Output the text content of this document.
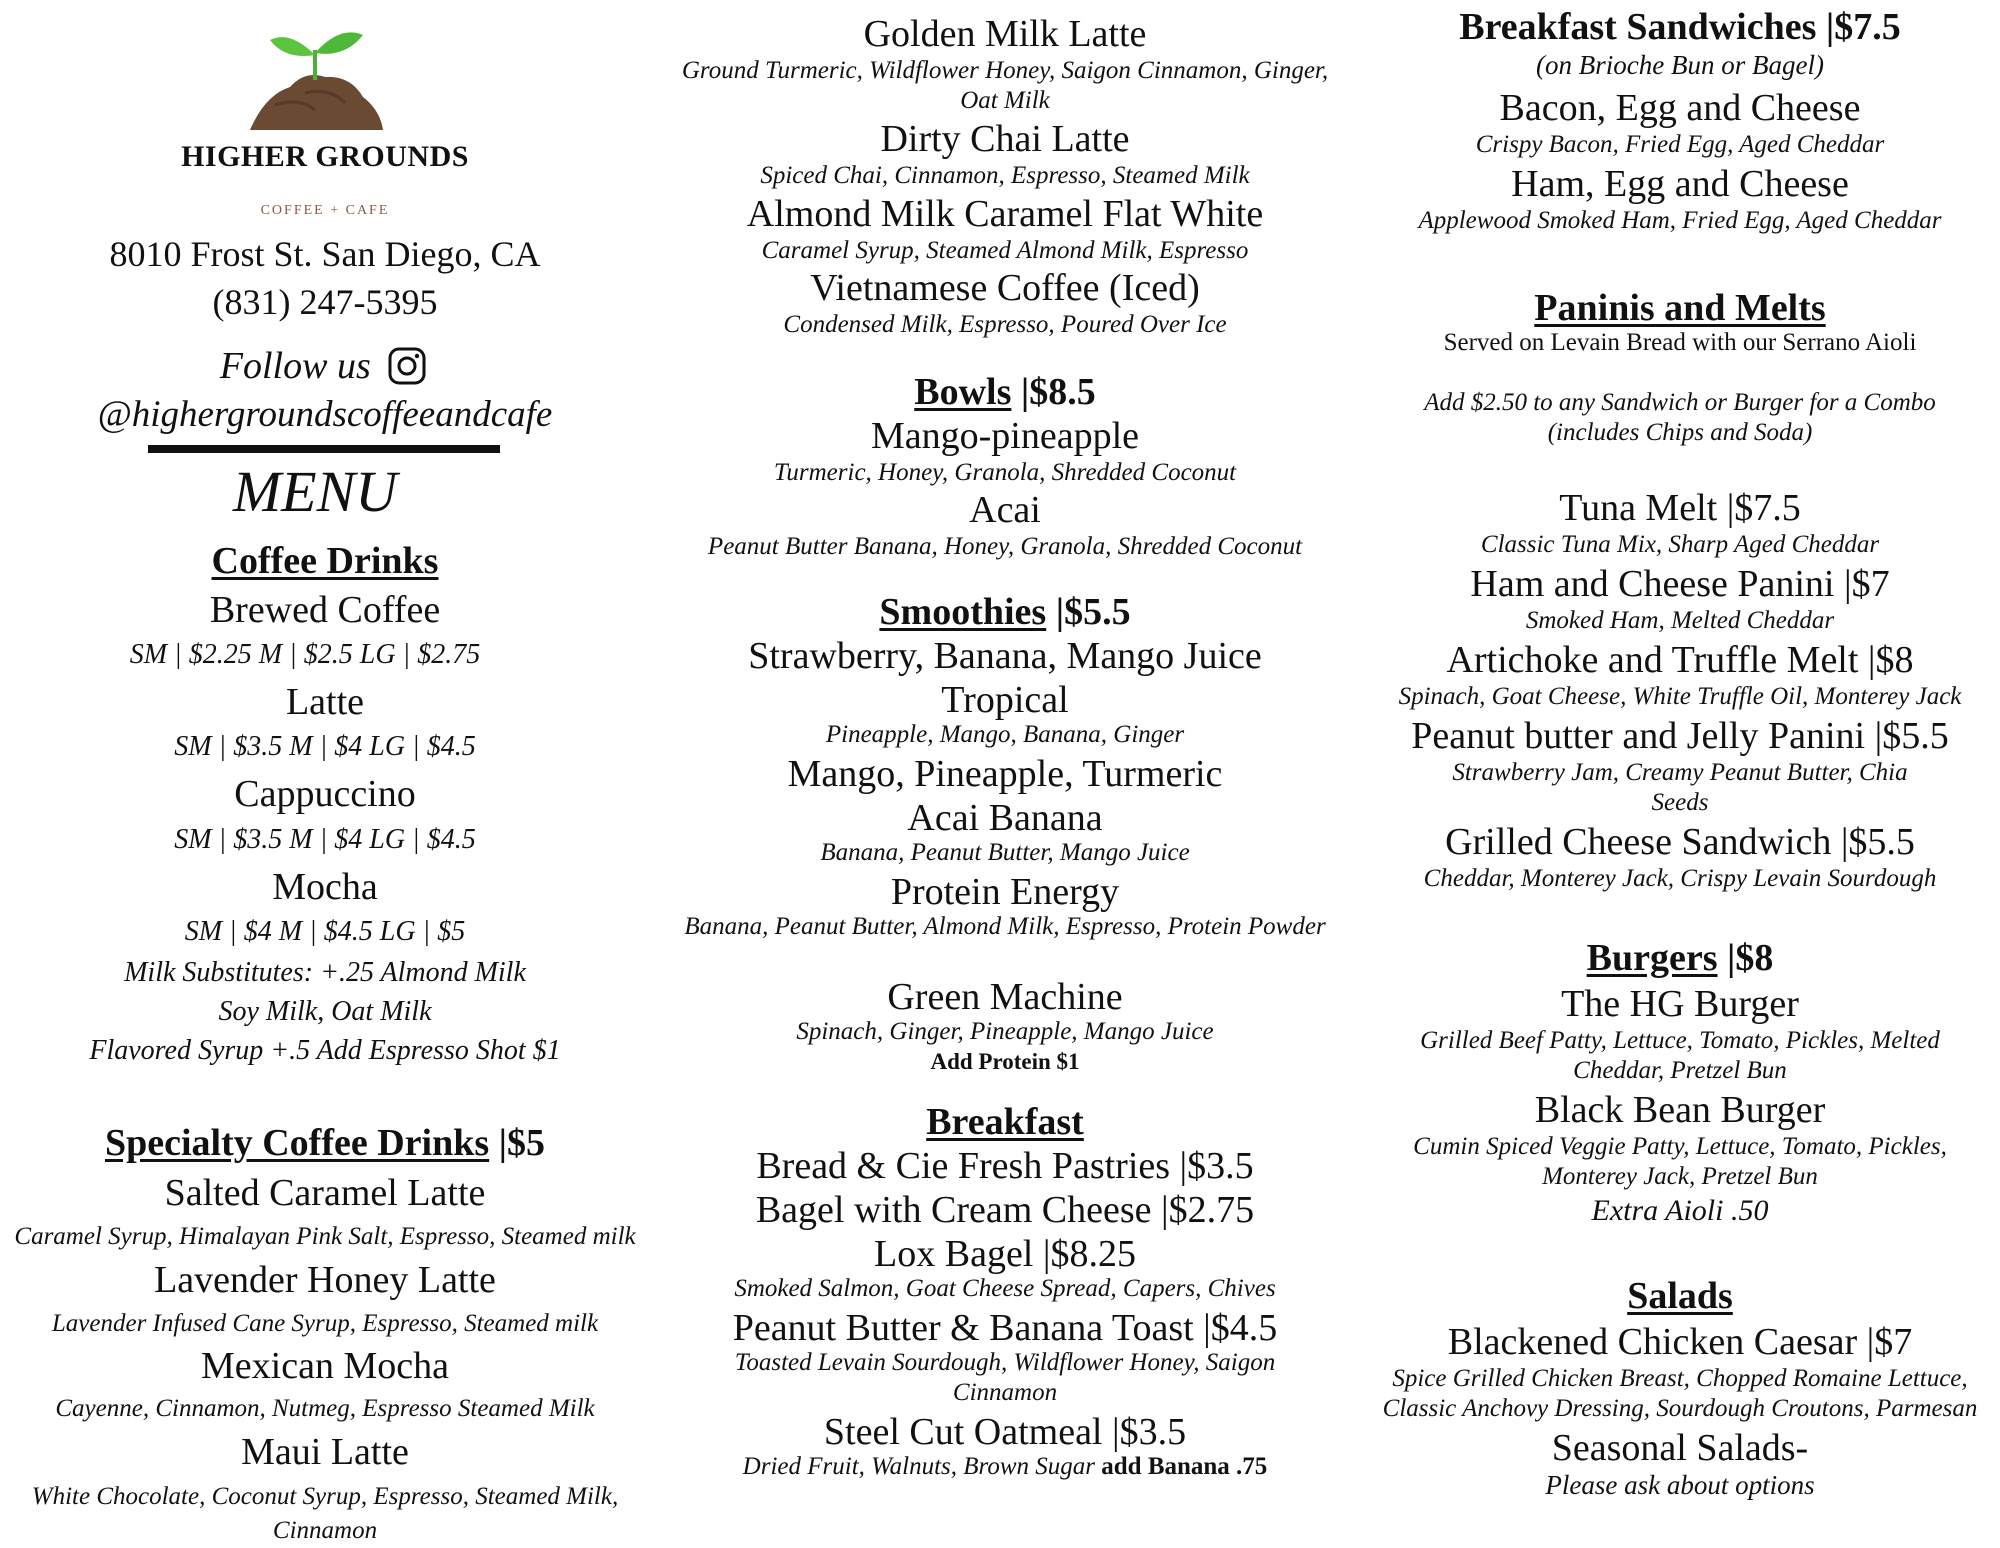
HIGHER GROUNDS
COFFEE + CAFE
8010 Frost St. San Diego, CA
(831) 247-5395
Follow us
@highergroundscoffeeandcafe
MENU
Coffee Drinks
Brewed Coffee
SM | $2.25 M | $2.5 LG | $2.75
Latte
SM | $3.5 M | $4 LG | $4.5
Cappuccino
SM | $3.5 M | $4 LG | $4.5
Mocha
SM | $4 M | $4.5 LG | $5
Milk Substitutes: +.25 Almond Milk
Soy Milk, Oat Milk
Flavored Syrup +.5 Add Espresso Shot $1
Specialty Coffee Drinks |$5
Salted Caramel Latte
Caramel Syrup, Himalayan Pink Salt, Espresso, Steamed milk
Lavender Honey Latte
Lavender Infused Cane Syrup, Espresso, Steamed milk
Mexican Mocha
Cayenne, Cinnamon, Nutmeg, Espresso Steamed Milk
Maui Latte
White Chocolate, Coconut Syrup, Espresso, Steamed Milk, Cinnamon
Golden Milk Latte
Ground Turmeric, Wildflower Honey, Saigon Cinnamon, Ginger, Oat Milk
Dirty Chai Latte
Spiced Chai, Cinnamon, Espresso, Steamed Milk
Almond Milk Caramel Flat White
Caramel Syrup, Steamed Almond Milk, Espresso
Vietnamese Coffee (Iced)
Condensed Milk, Espresso, Poured Over Ice
Bowls |$8.5
Mango-pineapple
Turmeric, Honey, Granola, Shredded Coconut
Acai
Peanut Butter Banana, Honey, Granola, Shredded Coconut
Smoothies |$5.5
Strawberry, Banana, Mango Juice
Tropical
Pineapple, Mango, Banana, Ginger
Mango, Pineapple, Turmeric
Acai Banana
Banana, Peanut Butter, Mango Juice
Protein Energy
Banana, Peanut Butter, Almond Milk, Espresso, Protein Powder
Green Machine
Spinach, Ginger, Pineapple, Mango Juice
Add Protein $1
Breakfast
Bread & Cie Fresh Pastries |$3.5
Bagel with Cream Cheese |$2.75
Lox Bagel |$8.25
Smoked Salmon, Goat Cheese Spread, Capers, Chives
Peanut Butter & Banana Toast |$4.5
Toasted Levain Sourdough, Wildflower Honey, Saigon Cinnamon
Steel Cut Oatmeal |$3.5
Dried Fruit, Walnuts, Brown Sugar add Banana .75
Breakfast Sandwiches |$7.5
(on Brioche Bun or Bagel)
Bacon, Egg and Cheese
Crispy Bacon, Fried Egg, Aged Cheddar
Ham, Egg and Cheese
Applewood Smoked Ham, Fried Egg, Aged Cheddar
Paninis and Melts
Served on Levain Bread with our Serrano Aioli
Add $2.50 to any Sandwich or Burger for a Combo (includes Chips and Soda)
Tuna Melt |$7.5
Classic Tuna Mix, Sharp Aged Cheddar
Ham and Cheese Panini |$7
Smoked Ham, Melted Cheddar
Artichoke and Truffle Melt |$8
Spinach, Goat Cheese, White Truffle Oil, Monterey Jack
Peanut butter and Jelly Panini |$5.5
Strawberry Jam, Creamy Peanut Butter, Chia Seeds
Grilled Cheese Sandwich |$5.5
Cheddar, Monterey Jack, Crispy Levain Sourdough
Burgers |$8
The HG Burger
Grilled Beef Patty, Lettuce, Tomato, Pickles, Melted Cheddar, Pretzel Bun
Black Bean Burger
Cumin Spiced Veggie Patty, Lettuce, Tomato, Pickles, Monterey Jack, Pretzel Bun
Extra Aioli .50
Salads
Blackened Chicken Caesar |$7
Spice Grilled Chicken Breast, Chopped Romaine Lettuce, Classic Anchovy Dressing, Sourdough Croutons, Parmesan
Seasonal Salads-
Please ask about options
